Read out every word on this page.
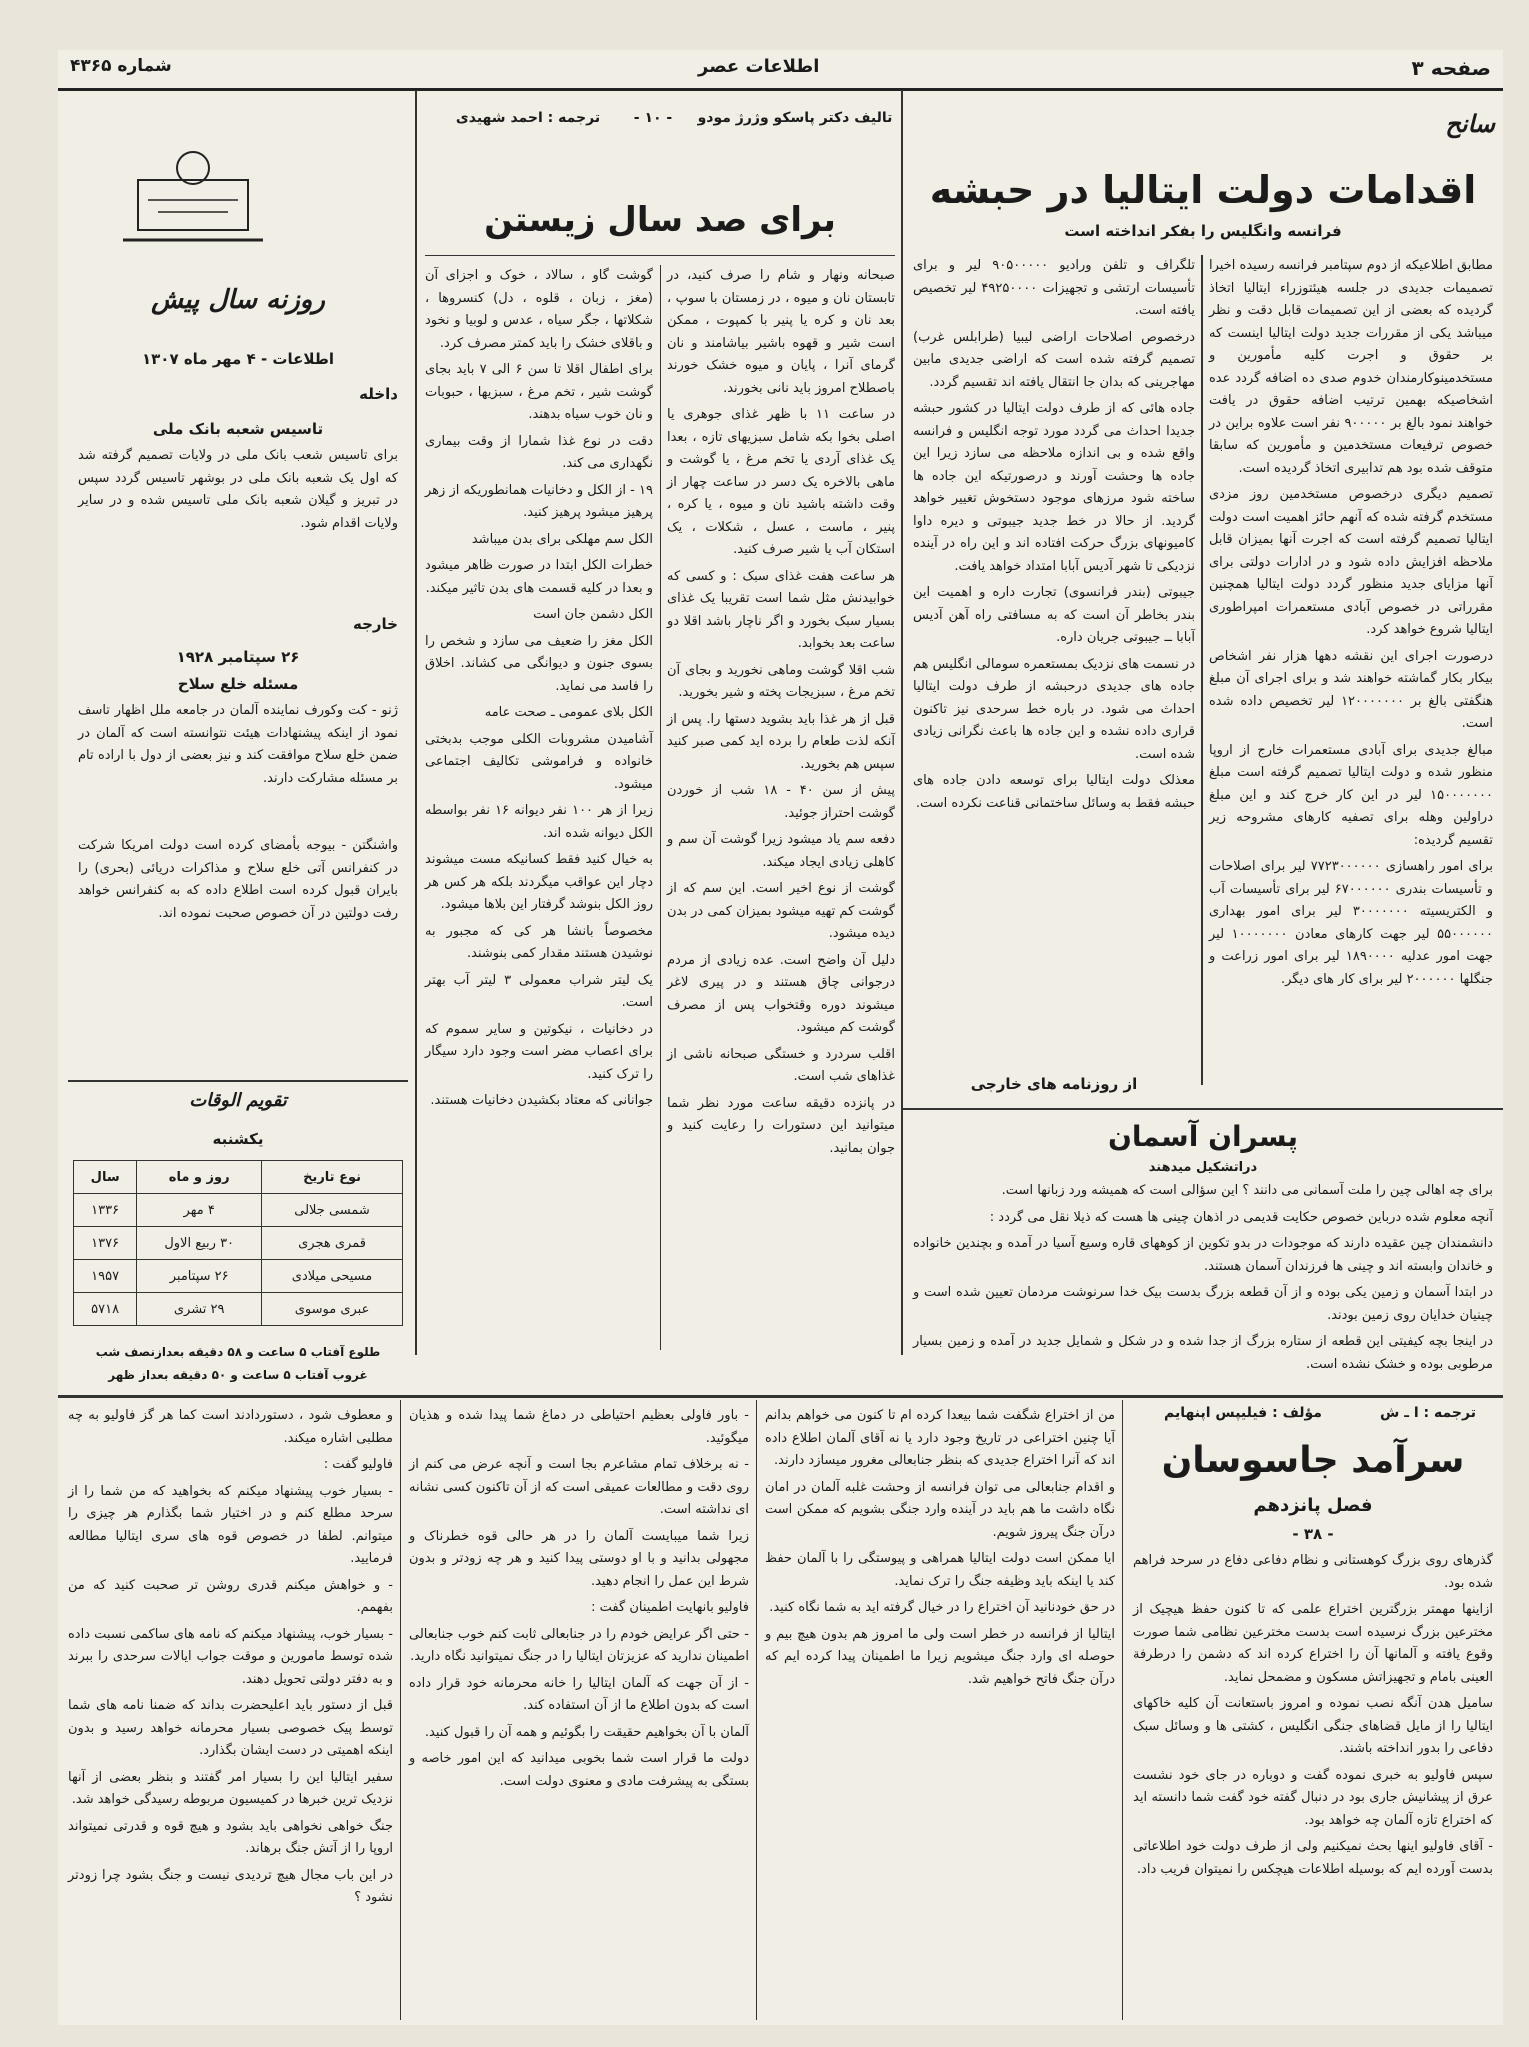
صفحه ۳
اطلاعات عصر
شماره ۴۳۶۵
سانح
اقدامات دولت ایتالیا در حبشه
فرانسه وانگلیس را بفکر انداخته است

مطابق اطلاعیکه از دوم سپتامبر فرانسه رسیده اخیرا تصمیمات جدیدی در جلسه هیئتوزراء ایتالیا اتخاذ گردیده که بعضی از این تصمیمات قابل دقت و نظر میباشد یکی از مقررات جدید دولت ایتالیا اینست که بر حقوق و اجرت کلیه مأمورین و مستخدمینوکارمندان خدوم صدی ده اضافه گردد عده اشخاصیکه بهمین ترتیب اضافه حقوق در یافت خواهند نمود بالغ بر ۹۰۰۰۰۰ نفر است علاوه براین در خصوص ترفیعات مستخدمین و مأمورین که سابقا متوقف شده بود هم تدابیری اتخاذ گردیده است.

تصمیم دیگری درخصوص مستخدمین روز مزدی مستخدم گرفته شده که آنهم حائز اهمیت است دولت ایتالیا تصمیم گرفته است که اجرت آنها بمیزان قابل ملاحظه افزایش داده شود و در ادارات دولتی برای آنها مزایای جدید منظور گردد دولت ایتالیا همچنین مقرراتی در خصوص آبادی مستعمرات امپراطوری ایتالیا شروع خواهد کرد.

درصورت اجرای این نقشه دهها هزار نفر اشخاص بیکار بکار گماشته خواهند شد و برای اجرای آن مبلغ هنگفتی بالغ بر ۱۲۰۰۰۰۰۰۰ لیر تخصیص داده شده است.

مبالغ جدیدی برای آبادی مستعمرات خارج از اروپا منظور شده و دولت ایتالیا تصمیم گرفته است مبلغ ۱۵۰۰۰۰۰۰۰ لیر در این کار خرج کند و این مبلغ دراولین وهله برای تصفیه کارهای مشروحه زیر تقسیم گردیده:

برای امور راهسازی ۷۷۲۳۰۰۰۰۰۰ لیر برای اصلاحات و تأسیسات بندری ۶۷۰۰۰۰۰۰ لیر برای تأسیسات آب و الکتریسیته ۳۰۰۰۰۰۰۰ لیر برای امور بهداری ۵۵۰۰۰۰۰۰ لیر جهت کارهای معادن ۱۰۰۰۰۰۰۰ لیر جهت امور عدلیه ۱۸۹۰۰۰۰ لیر برای امور زراعت و جنگلها ۲۰۰۰۰۰۰ لیر برای کار های دیگر.

تلگراف و تلفن ورادیو ۹۰۵۰۰۰۰۰ لیر و برای تأسیسات ارتشی و تجهیزات ۴۹۲۵۰۰۰۰ لیر تخصیص یافته است.

درخصوص اصلاحات اراضی لیبیا (طرابلس غرب) تصمیم گرفته شده است که اراضی جدیدی مابین مهاجرینی که بدان جا انتقال یافته اند تقسیم گردد.

جاده هائی که از طرف دولت ایتالیا در کشور حبشه جدیدا احداث می گردد مورد توجه انگلیس و فرانسه واقع شده و بی اندازه ملاحظه می سازد زیرا این جاده ها وحشت آورند و درصورتیکه این جاده ها ساخته شود مرزهای موجود دستخوش تغییر خواهد گردید. از حالا در خط جدید جیبوتی و دیره داوا کامیونهای بزرگ حرکت افتاده اند و این راه در آینده نزدیکی تا شهر آدیس آبابا امتداد خواهد یافت.

جیبوتی (بندر فرانسوی) تجارت داره و اهمیت این بندر بخاطر آن است که به مسافتی راه آهن آدیس آبابا ــ جیبوتی جریان داره.

در نسمت های نزدیک بمستعمره سومالی انگلیس هم جاده های جدیدی درحبشه از طرف دولت ایتالیا احداث می شود. در باره خط سرحدی نیز تاکنون قراری داده نشده و این جاده ها باعث نگرانی زیادی شده است.

معذلک دولت ایتالیا برای توسعه دادن جاده های حبشه فقط به وسائل ساختمانی قناعت نکرده است.

از روزنامه های خارجی
پسران آسمان
دراتشکیل میدهند

برای چه اهالی چین را ملت آسمانی می دانند ؟ این سؤالی است که همیشه ورد زبانها است.

آنچه معلوم شده درباین خصوص حکایت قدیمی در اذهان چینی ها هست که ذیلا نقل می گردد :

دانشمندان چین عقیده دارند که موجودات در بدو تکوین از کوههای قاره وسیع آسیا در آمده و بچندین خانواده و خاندان وابسته اند و چینی ها فرزندان آسمان هستند.

در ابتدا آسمان و زمین یکی بوده و از آن قطعه بزرگ بدست بیک خدا سرنوشت مردمان تعیین شده است و چینیان خدایان روی زمین بودند.

در اینجا بچه کیفیتی این قطعه از ستاره بزرگ از جدا شده و در شکل و شمایل جدید در آمده و زمین بسیار مرطوبی بوده و خشک نشده است.

تالیف دکتر پاسکو وژرژ مودو
- ۱۰ -
ترجمه : احمد شهیدی
برای صد سال زیستن

صبحانه ونهار و شام را صرف کنید، در تابستان نان و میوه ، در زمستان با سوپ ، بعد نان و کره یا پنیر با کمپوت ، ممکن است شیر و قهوه باشیر بیاشامند و نان گرمای آنرا ، پایان و میوه خشک خورند باصطلاح امروز باید نانی بخورند.

در ساعت ۱۱ با ظهر غذای جوهری یا اصلی بخوا بکه شامل سبزیهای تازه ، بعدا یک غذای آردی یا تخم مرغ ، یا گوشت و ماهی بالاخره یک دسر در ساعت چهار از وقت داشته باشید نان و میوه ، یا کره ، پنیر ، ماست ، عسل ، شکلات ، یک استکان آب یا شیر صرف کنید.

هر ساعت هفت غذای سبک : و کسی که خوابیدنش مثل شما است تقریبا یک غذای بسیار سبک بخورد و اگر ناچار باشد اقلا دو ساعت بعد بخوابد.

شب اقلا گوشت وماهی نخورید و بجای آن تخم مرغ ، سبزیجات پخته و شیر بخورید.

قبل از هر غذا باید بشوید دستها را. پس از آنکه لذت طعام را برده اید کمی صبر کنید سپس هم بخورید.

پیش از سن ۴۰ - ۱۸ شب از خوردن گوشت احتراز جوئید.

دفعه سم یاد میشود زیرا گوشت آن سم و کاهلی زیادی ایجاد میکند.

گوشت از نوع اخیر است. این سم که از گوشت کم تهیه میشود بمیزان کمی در بدن دیده میشود.

دلیل آن واضح است. عده زیادی از مردم درجوانی چاق هستند و در پیری لاغر میشوند دوره وقتخواب پس از مصرف گوشت کم میشود.

اقلب سردرد و خستگی صبحانه ناشی از غذاهای شب است.

در پانزده دقیقه ساعت مورد نظر شما میتوانید این دستورات را رعایت کنید و جوان بمانید.

گوشت گاو ، سالاد ، خوک و اجزای آن (مغز ، زبان ، قلوه ، دل) کنسروها ، شکلاتها ، جگر سیاه ، عدس و لوبیا و نخود و باقلای خشک را باید کمتر مصرف کرد.

برای اطفال اقلا تا سن ۶ الی ۷ باید بجای گوشت شیر ، تخم مرغ ، سبزیها ، حبوبات و نان خوب سیاه بدهند.

دقت در نوع غذا شمارا از وقت بیماری نگهداری می کند.

۱۹ - از الکل و دخانیات همانطوریکه از زهر پرهیز میشود پرهیز کنید.

الکل سم مهلکی برای بدن میباشد

خطرات الکل ابتدا در صورت ظاهر میشود و بعدا در کلیه قسمت های بدن تاثیر میکند.

الکل دشمن جان است

الکل مغز را ضعیف می سازد و شخص را بسوی جنون و دیوانگی می کشاند. اخلاق را فاسد می نماید.

الکل بلای عمومی ـ صحت عامه

آشامیدن مشروبات الکلی موجب بدبختی خانواده و فراموشی تکالیف اجتماعی میشود.

زیرا از هر ۱۰۰ نفر دیوانه ۱۶ نفر بواسطه الکل دیوانه شده اند.

به خیال کنید فقط کسانیکه مست میشوند دچار این عواقب میگردند بلکه هر کس هر روز الکل بنوشد گرفتار این بلاها میشود.

مخصوصاً بانشا هر کی که مجبور به نوشیدن هستند مقدار کمی بنوشند.

یک لیتر شراب معمولی ۳ لیتر آب بهتر است.

در دخانیات ، نیکوتین و سایر سموم که برای اعصاب مضر است وجود دارد سیگار را ترک کنید.

جوانانی که معتاد بکشیدن دخانیات هستند.

روزنه سال پیش
اطلاعات - ۴ مهر ماه ۱۳۰۷
داخله
تاسیس شعبه بانک ملی

برای تاسیس شعب بانک ملی در ولایات تصمیم گرفته شد که اول یک شعبه بانک ملی در بوشهر تاسیس گردد سپس در تبریز و گیلان شعبه بانک ملی تاسیس شده و در سایر ولایات اقدام شود.

خارجه
۲۶ سپتامبر ۱۹۲۸
مسئله خلع سلاح

ژنو - کت وکورف نماینده آلمان در جامعه ملل اظهار تاسف نمود از اینکه پیشنهادات هیئت نتوانسته است که آلمان در ضمن خلع سلاح موافقت کند و نیز بعضی از دول با اراده تام بر مسئله مشارکت دارند.

واشنگتن - بیوجه بأمضای کرده است دولت امریکا شرکت در کنفرانس آتی خلع سلاح و مذاکرات دریائی (بحری) را بایران قبول کرده است اطلاع داده که به کنفرانس خواهد رفت دولتین در آن خصوص صحبت نموده اند.

تقویم الوقات
یکشنبه
نوع تاریخ	روز و ماه	سال
شمسی جلالی	۴ مهر	۱۳۳۶
قمری هجری	۳۰ ربیع الاول	۱۳۷۶
مسیحی میلادی	۲۶ سپتامبر	۱۹۵۷
عبری موسوی	۲۹ تشری	۵۷۱۸
طلوع آفتاب ۵ ساعت و ۵۸ دقیقه بعدازنصف شب
غروب آفتاب ۵ ساعت و ۵۰ دقیقه بعداز ظهر
مؤلف : فیلیپس اپنهایم	ترجمه : ا ـ ش
سرآمد جاسوسان
فصل پانزدهم
- ۳۸ -

گذرهای روی بزرگ کوهستانی و نظام دفاعی دفاع در سرحد فراهم شده بود.

ازاینها مهمتر بزرگترین اختراع علمی که تا کنون حفظ هیچیک از مخترعین بزرگ نرسیده است بدست مخترعین نظامی شما صورت وقوع یافته و آلمانها آن را اختراع کرده اند که دشمن را درطرفة العینی بامام و تجهیزاتش مسکون و مضمحل نماید.

سامیل هدن آنگه نصب نموده و امروز باستعانت آن کلیه خاکهای ایتالیا را از مایل قضاهای جنگی انگلیس ، کشتی ها و وسائل سبک دفاعی را بدور انداخته باشند.

سپس فاولیو به خبری نموده گفت و دوباره در جای خود نشست عرق از پیشانیش جاری بود در دنبال گفته خود گفت شما دانسته اید که اختراع تازه آلمان چه خواهد بود.

- آقای فاولیو اینها بحث نمیکنیم ولی از طرف دولت خود اطلاعاتی بدست آورده ایم که بوسیله اطلاعات هیچکس را نمیتوان فریب داد.

من از اختراع شگفت شما بیعدا کرده ام تا کنون می خواهم بدانم آیا چنین اختراعی در تاریخ وجود دارد یا نه آقای آلمان اطلاع داده اند که آنرا اختراع جدیدی که بنظر جنابعالی مغرور میسازد دارند.

و اقدام جنابعالی می توان فرانسه از وحشت غلبه آلمان در امان نگاه داشت ما هم باید در آینده وارد جنگی بشویم که ممکن است درآن جنگ پیروز شویم.

ایا ممکن است دولت ایتالیا همراهی و پیوستگی را با آلمان حفظ کند یا اینکه باید وظیفه جنگ را ترک نماید.

در حق خودنانید آن اختراع را در خیال گرفته اید به شما نگاه کنید.

ایتالیا از فرانسه در خطر است ولی ما امروز هم بدون هیچ بیم و حوصله ای وارد جنگ میشویم زیرا ما اطمینان پیدا کرده ایم که درآن جنگ فاتح خواهیم شد.

- باور فاولی بعظیم احتیاطی در دماغ شما پیدا شده و هذیان میگوئید.

- نه برخلاف تمام مشاعرم بجا است و آنچه عرض می کنم از روی دقت و مطالعات عمیقی است که از آن تاکنون کسی نشانه ای نداشته است.

زیرا شما میبایست آلمان را در هر حالی قوه خطرناک و مجهولی بدانید و با او دوستی پیدا کنید و هر چه زودتر و بدون شرط این عمل را انجام دهید.

فاولیو بانهایت اطمینان گفت :

- حتی اگر عرایض خودم را در جنابعالی ثابت کنم خوب جنابعالی اطمینان ندارید که عزیزتان ایتالیا را در جنگ نمیتوانید نگاه دارید.

- از آن جهت که آلمان ایتالیا را خانه محرمانه خود قرار داده است که بدون اطلاع ما از آن استفاده کند.

آلمان با آن بخواهیم حقیقت را بگوئیم و همه آن را قبول کنید.

دولت ما قرار است شما بخوبی میدانید که این امور خاصه و بستگی به پیشرفت مادی و معنوی دولت است.

و معطوف شود ، دستوردادند است کما هر گز فاولیو به چه مطلبی اشاره میکند.

فاولیو گفت :

- بسیار خوب پیشنهاد میکنم که بخواهید که من شما را از سرحد مطلع کنم و در اختیار شما بگذارم هر چیزی را میتوانم. لطفا در خصوص قوه های سری ایتالیا مطالعه فرمایید.

- و خواهش میکنم قدری روشن تر صحبت کنید که من بفهمم.

- بسیار خوب، پیشنهاد میکنم که نامه های ساکمی نسبت داده شده توسط مامورین و موقت جواب ایالات سرحدی را ببرند و به دفتر دولتی تحویل دهند.

قبل از دستور باید اعلیحضرت بداند که ضمنا نامه های شما توسط پیک خصوصی بسیار محرمانه خواهد رسید و بدون اینکه اهمیتی در دست ایشان بگذارد.

سفیر ایتالیا این را بسیار امر گفتند و بنظر بعضی از آنها نزدیک ترین خبرها در کمیسیون مربوطه رسیدگی خواهد شد.

جنگ خواهی نخواهی باید بشود و هیچ قوه و قدرتی نمیتواند اروپا را از آتش جنگ برهاند.

در این باب مجال هیچ تردیدی نیست و جنگ بشود چرا زودتر نشود ؟
